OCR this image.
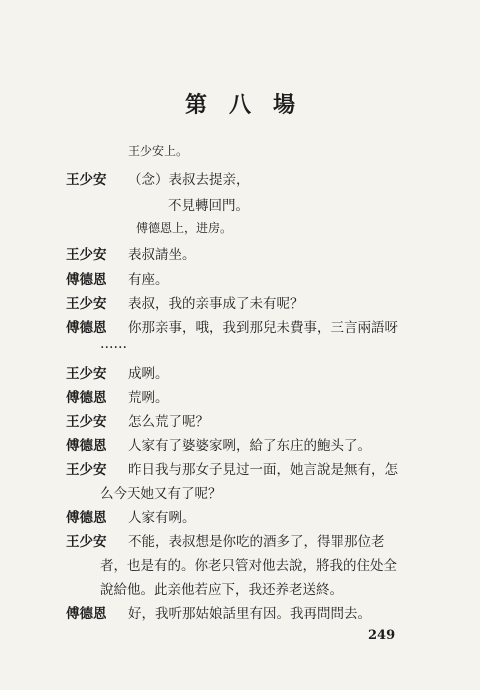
第八場
王少安上。
王少安 （念）表叔去提亲，
不見轉回門。
傅德恩上，进房。
王少安 表叔請坐。
傅德恩 有座。
王少安 表叔，我的亲事成了未有呢？
傅德恩 你那亲事，哦，我到那兒未費事，三言兩語呀
……
王少安 成咧。
傅德恩 荒咧。
王少安 怎么荒了呢？
傅德恩 人家有了婆婆家咧，給了东庄的鮑头了。
王少安 昨日我与那女子見过一面，她言說是無有，怎
么今天她又有了呢？
傅德恩 人家有咧。
王少安 不能，表叔想是你吃的酒多了，得罪那位老
者，也是有的。你老只管对他去說，將我的住处全
說給他。此亲他若应下，我还养老送終。
傅德恩 好，我听那姑娘話里有因。我再問問去。
249
